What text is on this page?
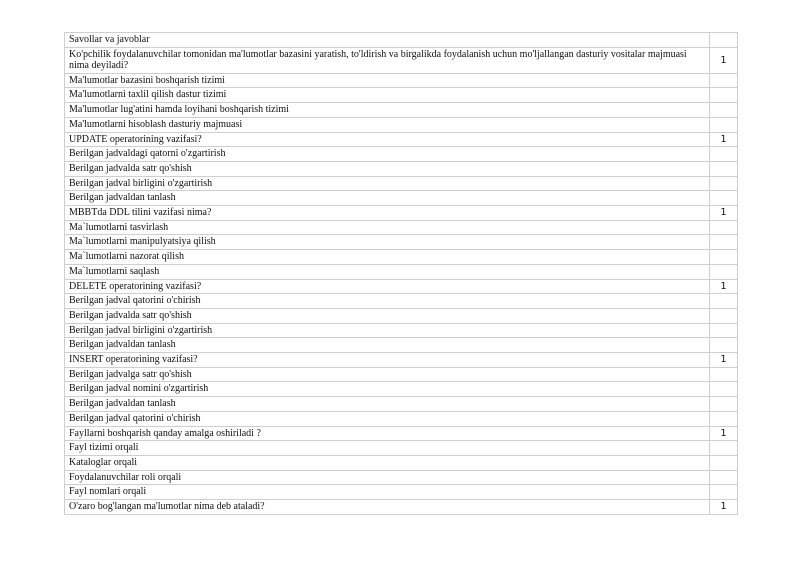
Savollar va javoblar	
Ko'pchilik foydalanuvchilar tomonidan ma'lumotlar bazasini yaratish, to'ldirish va birgalikda foydalanish uchun mo'ljallangan dasturiy vositalar majmuasi nima deyiladi?	1
Ma'lumotlar bazasini boshqarish tizimi	
Ma'lumotlarni taxlil qilish dastur tizimi	
Ma'lumotlar lug'atini hamda loyihani boshqarish tizimi	
Ma'lumotlarni hisoblash dasturiy majmuasi	
UPDATE operatorining vazifasi?	1
Berilgan jadvaldagi qatorni o'zgartirish	
Berilgan jadvalda satr qo'shish	
Berilgan jadval birligini o'zgartirish	
Berilgan jadvaldan tanlash	
MBBTda DDL tilini vazifasi nima?	1
Ma`lumotlarni tasvirlash	
Ma`lumotlarni manipulyatsiya qilish	
Ma`lumotlarni nazorat qilish	
Ma`lumotlarni saqlash	
DELETE operatorining vazifasi?	1
Berilgan jadval qatorini o'chirish	
Berilgan jadvalda satr qo'shish	
Berilgan jadval birligini o'zgartirish	
Berilgan jadvaldan tanlash	
INSERT operatorining vazifasi?	1
Berilgan jadvalga satr qo'shish	
Berilgan jadval nomini o'zgartirish	
Berilgan jadvaldan tanlash	
Berilgan jadval qatorini o'chirish	
Fayllarni boshqarish qanday amalga oshiriladi ?	1
Fayl tizimi orqali	
Kataloglar orqali	
Foydalanuvchilar roli orqali	
Fayl nomlari orqali	
O'zaro bog'langan ma'lumotlar nima deb ataladi?	1
